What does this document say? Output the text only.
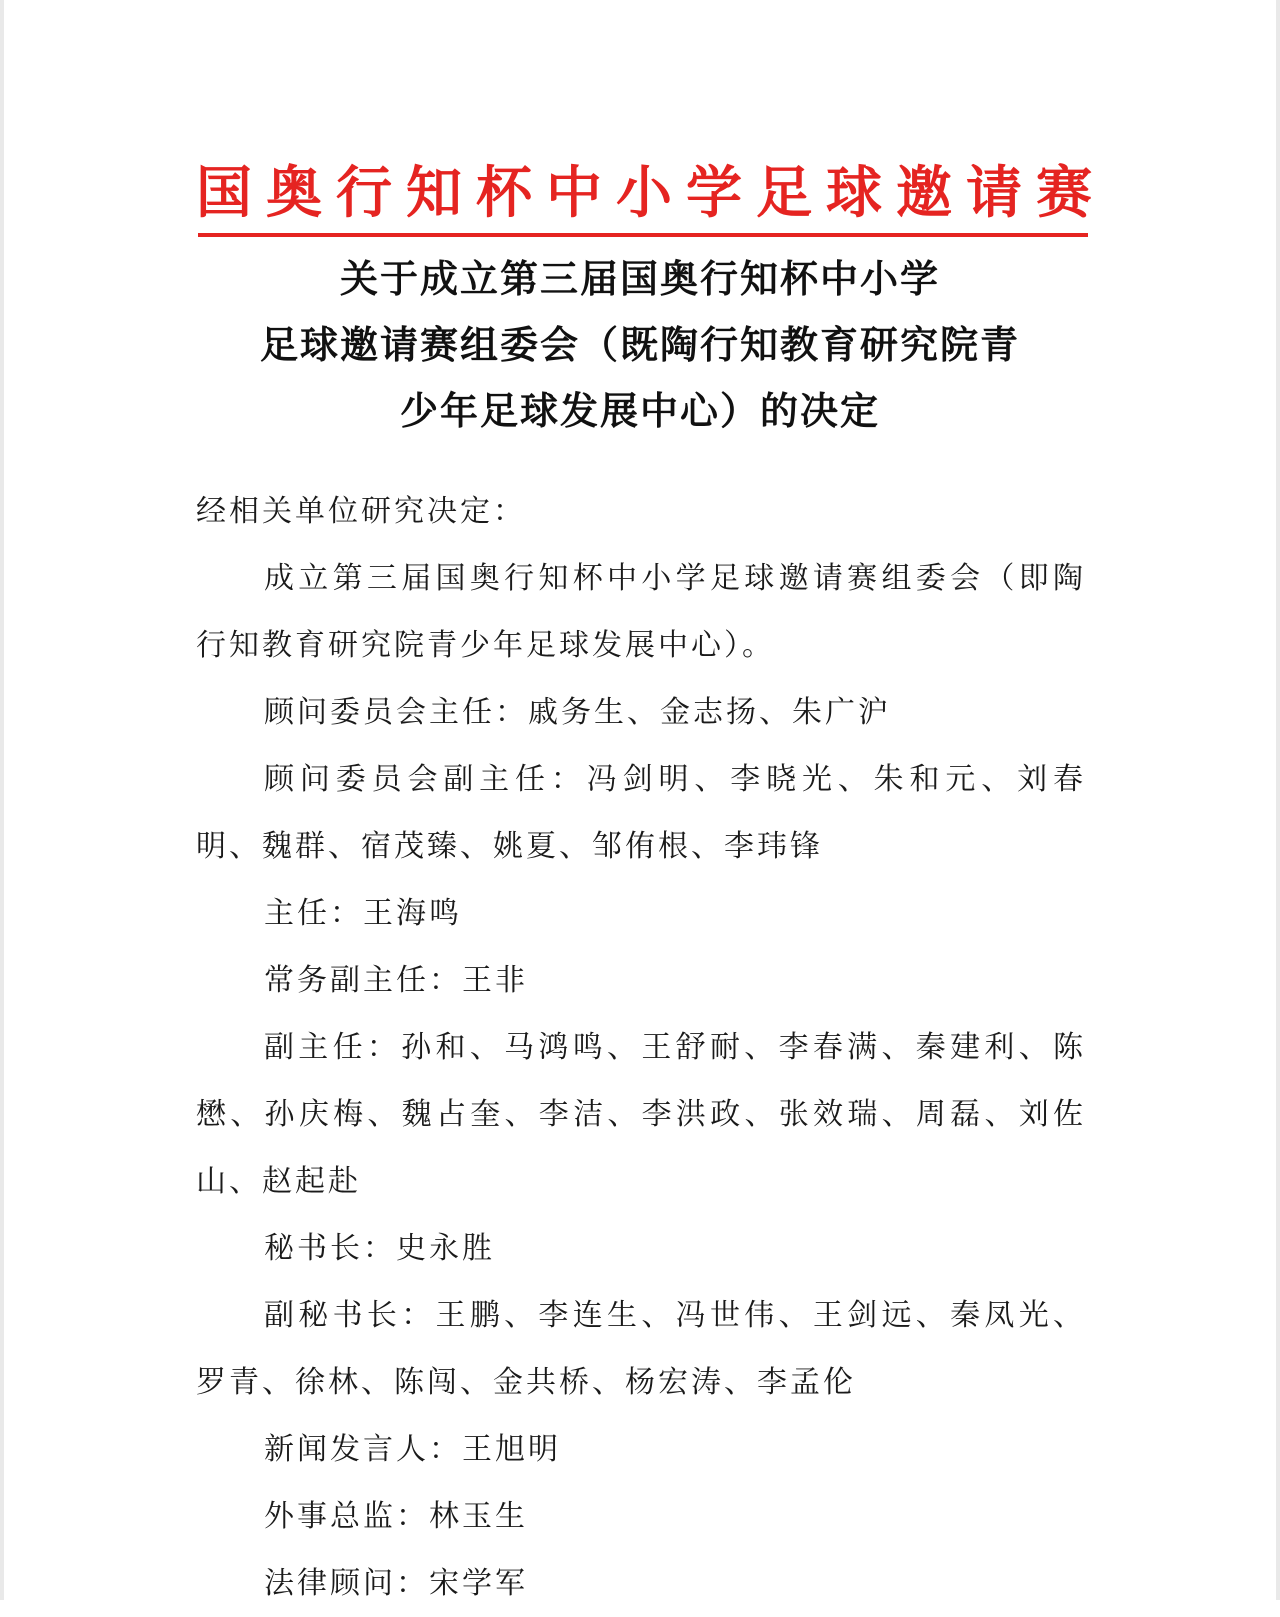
国奥行知杯中小学足球邀请赛
关于成立第三届国奥行知杯中小学
足球邀请赛组委会（既陶行知教育研究院青
少年足球发展中心）的决定

经相关单位研究决定：

成立第三届国奥行知杯中小学足球邀请赛组委会（即陶行知教育研究院青少年足球发展中心）。

顾问委员会主任：戚务生、金志扬、朱广沪

顾问委员会副主任：冯剑明、李晓光、朱和元、刘春明、魏群、宿茂臻、姚夏、邹侑根、李玮锋

主任：王海鸣

常务副主任：王非

副主任：孙和、马鸿鸣、王舒耐、李春满、秦建利、陈懋、孙庆梅、魏占奎、李洁、李洪政、张效瑞、周磊、刘佐山、赵起赴

秘书长：史永胜

副秘书长：王鹏、李连生、冯世伟、王剑远、秦凤光、罗青、徐林、陈闯、金共桥、杨宏涛、李孟伦

新闻发言人：王旭明

外事总监：林玉生

法律顾问：宋学军
